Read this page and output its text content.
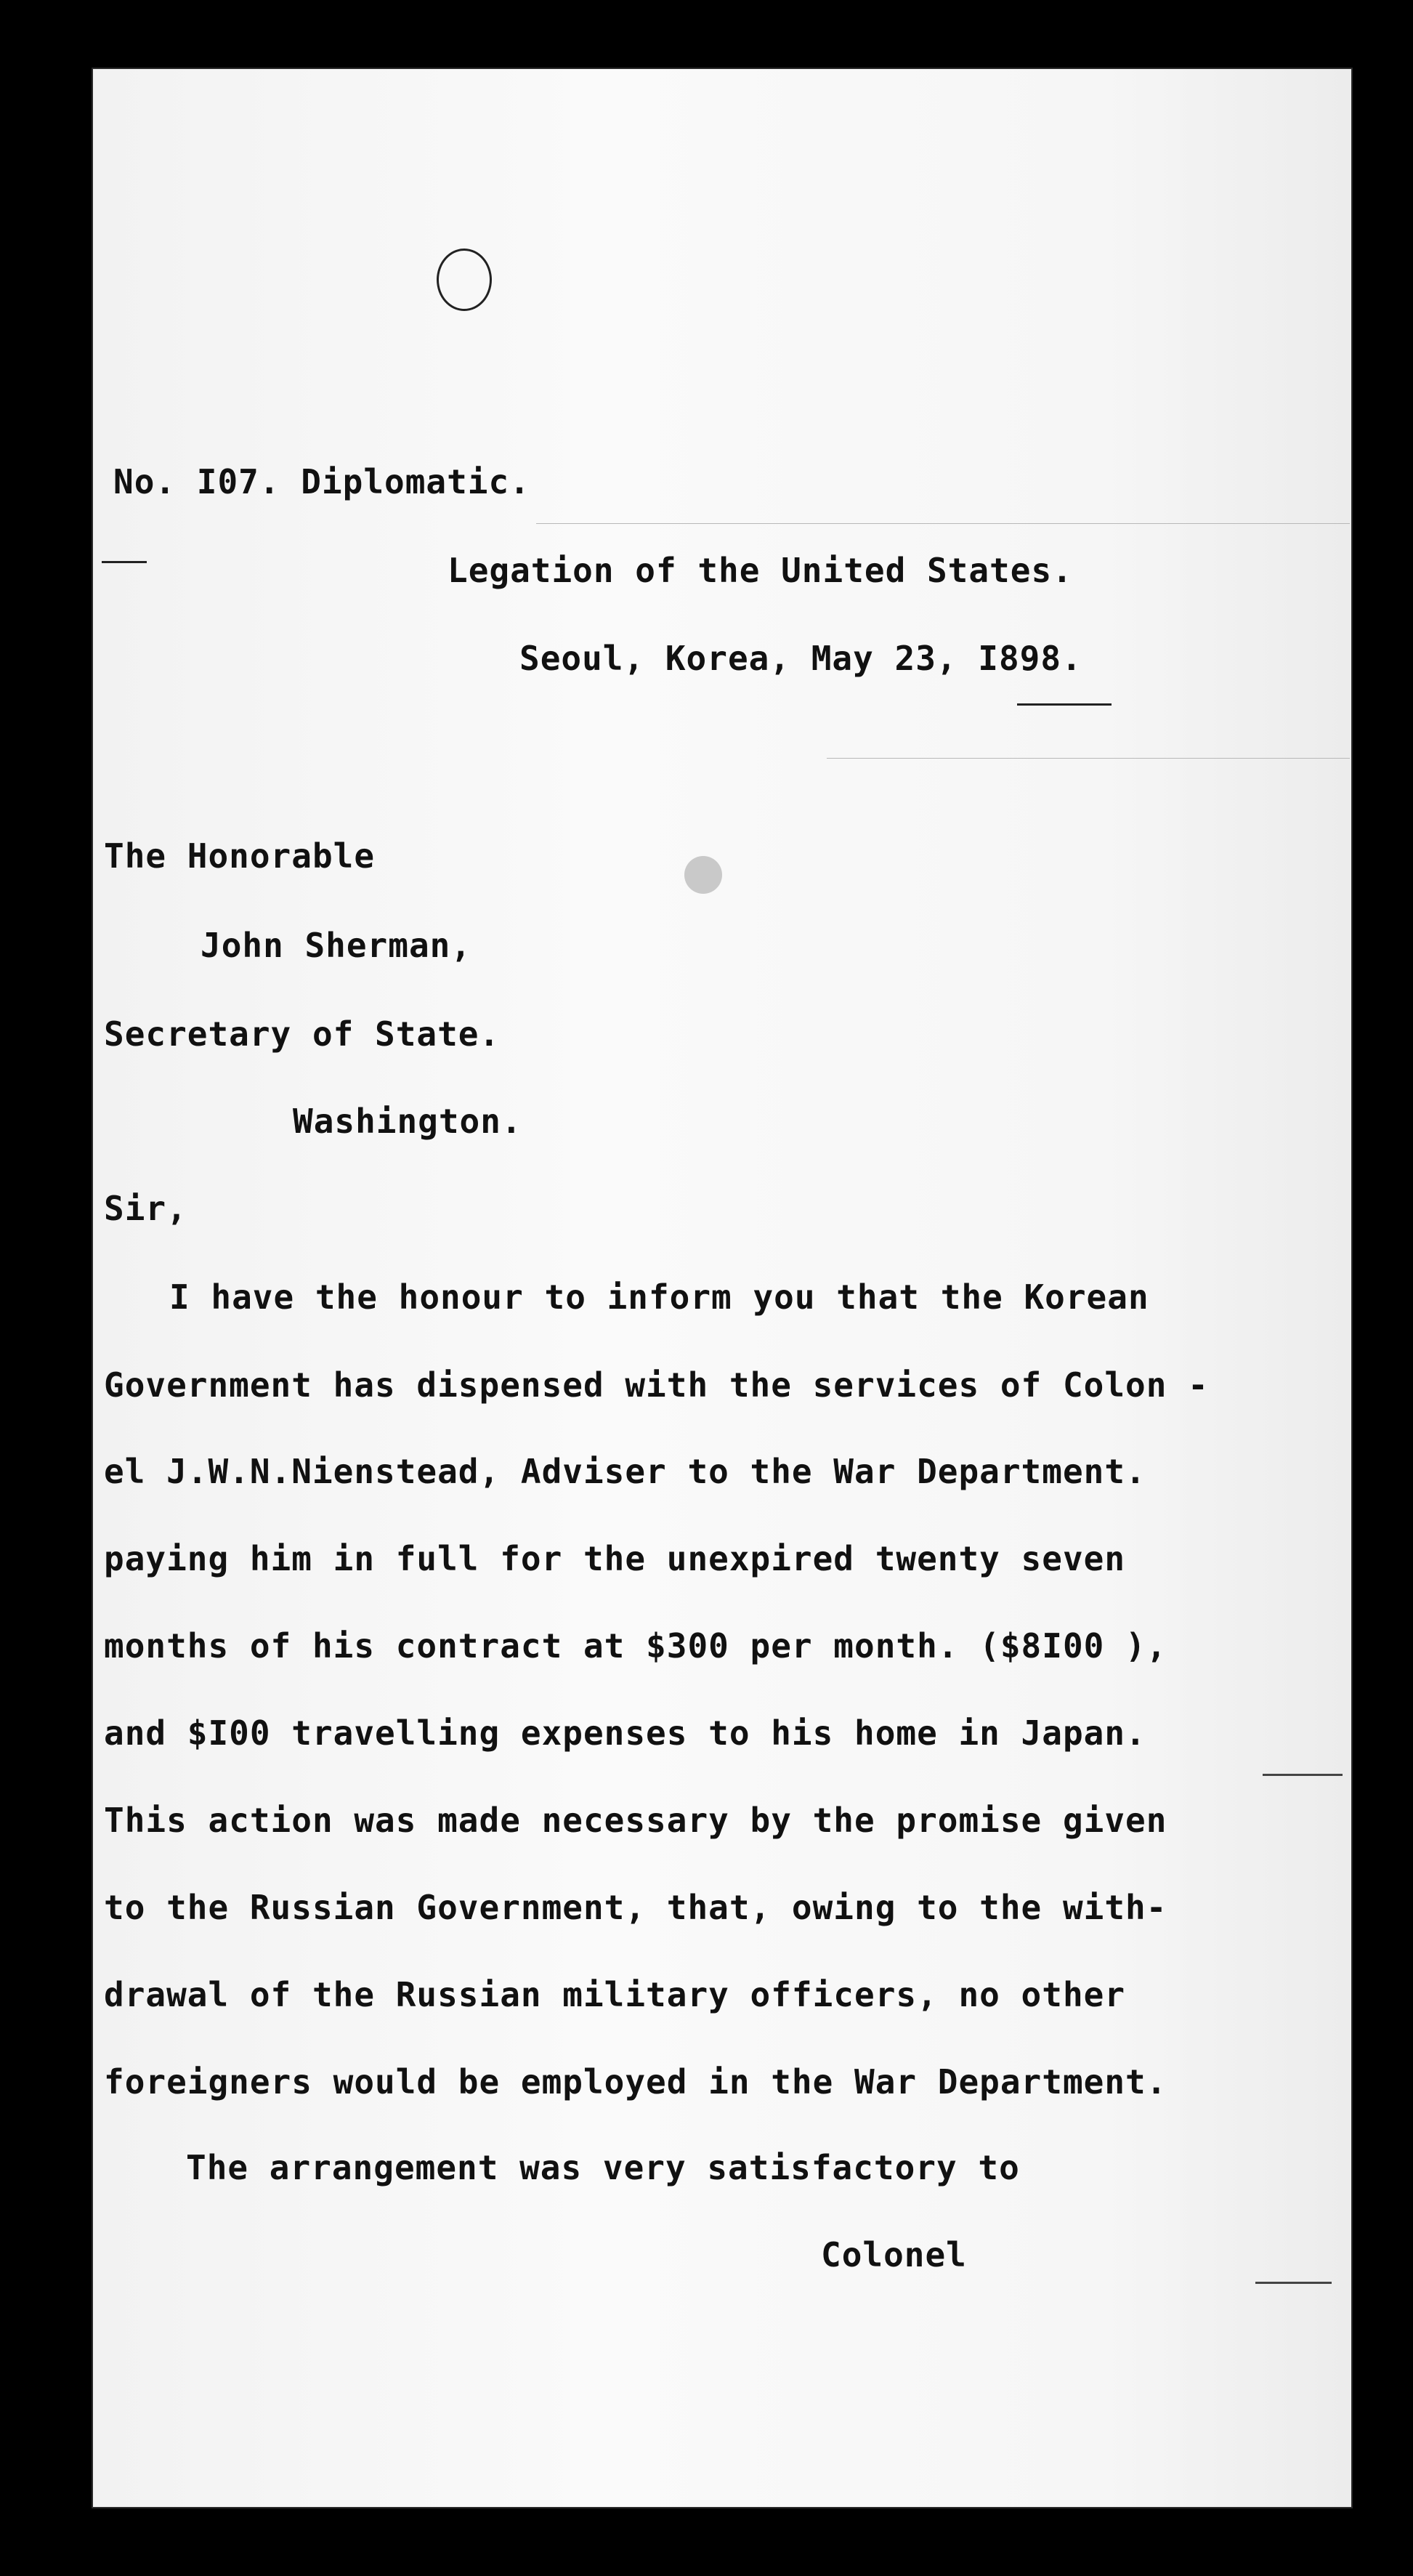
No. I07. Diplomatic.

Legation of the United States.

Seoul, Korea, May 23, I898.

The Honorable

John Sherman,

Secretary of State.

Washington.

Sir,

I have the honour to inform you that the Korean

Government has dispensed with the services of Colon -

el J.W.N.Nienstead, Adviser to the War Department.

paying him in full for the unexpired twenty seven

months of his contract at $300 per month. ($8I00 ),

and $I00 travelling expenses to his home in Japan.

This action was made necessary by the promise given

to the Russian Government, that, owing to the with-

drawal of the Russian military officers, no other

foreigners would be employed in the War Department.

The arrangement was very satisfactory to

Colonel
